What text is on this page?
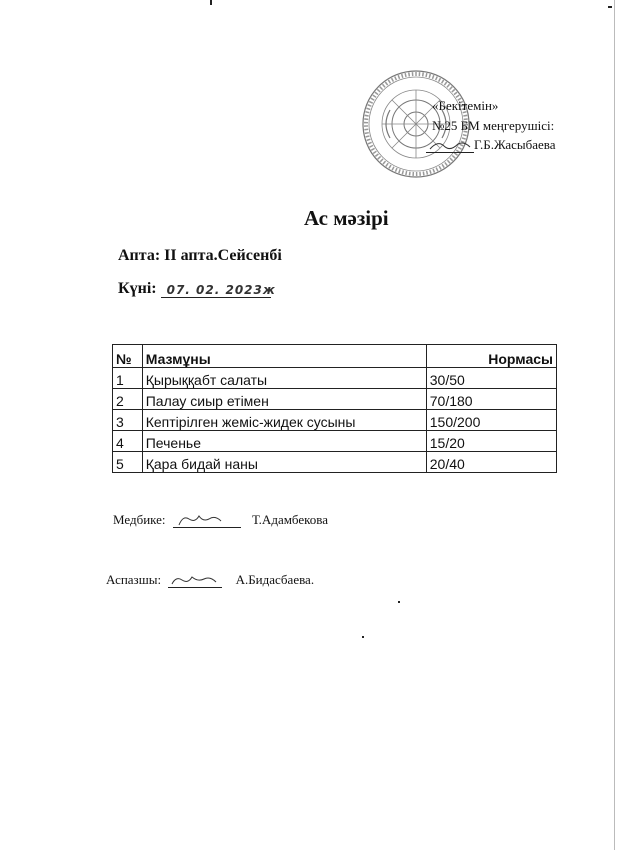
«Бекітемін»
№25 БМ меңгерушісі:
Г.Б.Жасыбаева
Ас мәзірі
Апта: II апта.Сейсенбі
Күні: 07. 02. 2023ж
№	Мазмұны	Нормасы
1	Қырыққабт салаты	30/50
2	Палау сиыр етімен	70/180
3	Кептірілген жеміс-жидек сусыны	150/200
4	Печенье	15/20
5	Қара бидай наны	20/40
Медбике:	Т.Адамбекова
Аспазшы:	А.Бидасбаева.
